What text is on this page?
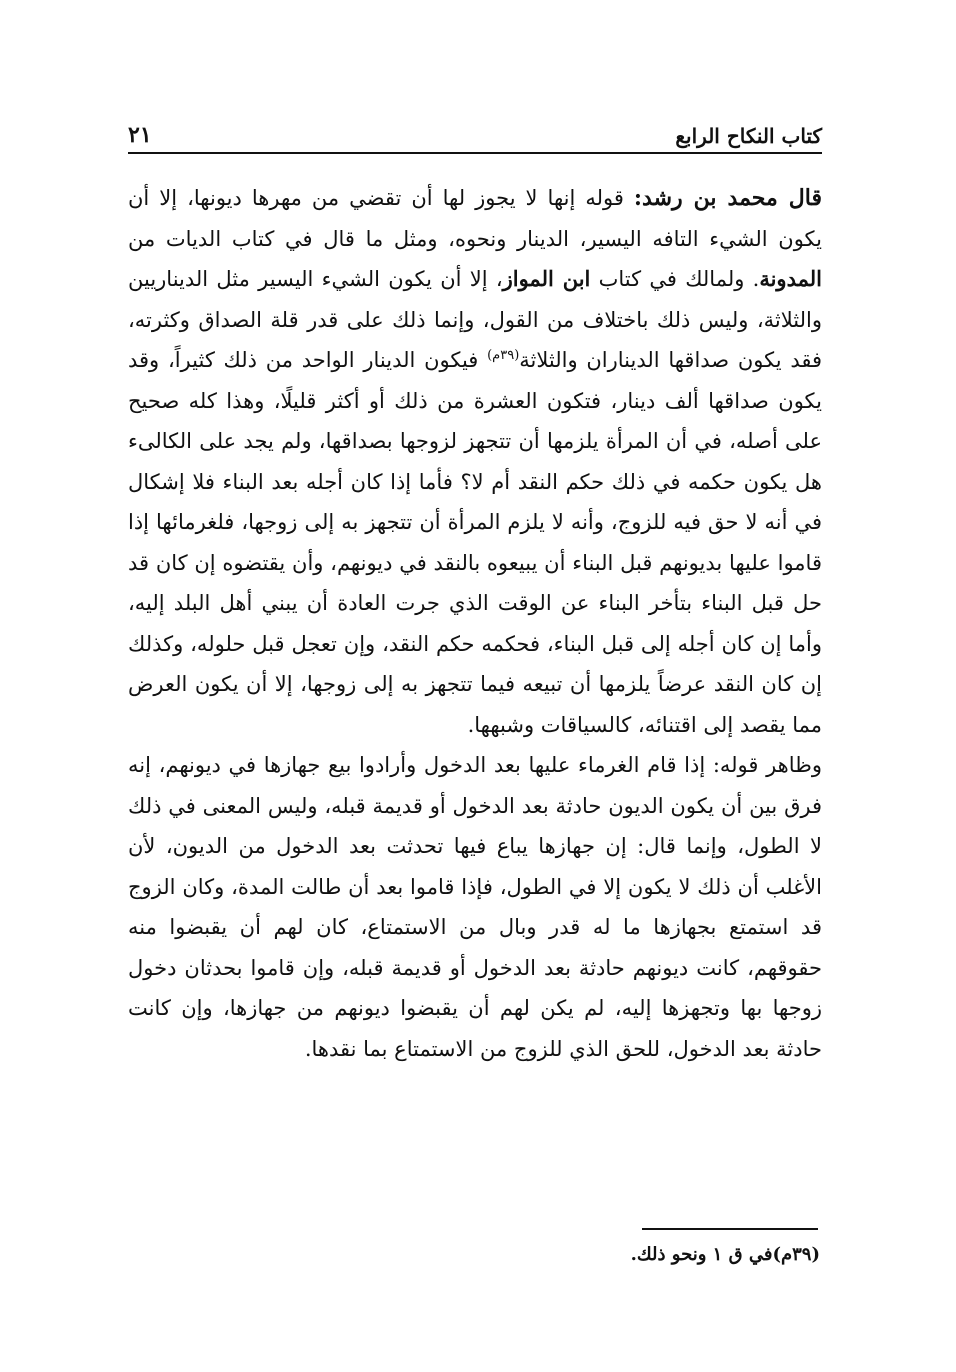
كتاب النكاح الرابع
٢١

قال محمد بن رشد: قوله إنها لا يجوز لها أن تقضي من مهرها ديونها، إلا أن يكون الشيء التافه اليسير، الدينار ونحوه، ومثل ما قال في كتاب الديات من المدونة. ولمالك في كتاب ابن المواز، إلا أن يكون الشيء اليسير مثل الديناريين والثلاثة، وليس ذلك باختلاف من القول، وإنما ذلك على قدر قلة الصداق وكثرته، فقد يكون صداقها الديناران والثلاثة$^{(٣٩م)}$ فيكون الدينار الواحد من ذلك كثيراً، وقد يكون صداقها ألف دينار، فتكون العشرة من ذلك أو أكثر قليلًا، وهذا كله صحيح على أصله، في أن المرأة يلزمها أن تتجهز لزوجها بصداقها، ولم يجد على الكالىء هل يكون حكمه في ذلك حكم النقد أم لا؟ فأما إذا كان أجله بعد البناء فلا إشكال في أنه لا حق فيه للزوج، وأنه لا يلزم المرأة أن تتجهز به إلى زوجها، فلغرمائها إذا قاموا عليها بديونهم قبل البناء أن يبيعوه بالنقد في ديونهم، وأن يقتضوه إن كان قد حل قبل البناء بتأخر البناء عن الوقت الذي جرت العادة أن يبني أهل البلد إليه، وأما إن كان أجله إلى قبل البناء، فحكمه حكم النقد، وإن تعجل قبل حلوله، وكذلك إن كان النقد عرضاً يلزمها أن تبيعه فيما تتجهز به إلى زوجها، إلا أن يكون العرض مما يقصد إلى اقتنائه، كالسياقات وشبهها.

وظاهر قوله: إذا قام الغرماء عليها بعد الدخول وأرادوا بيع جهازها في ديونهم، إنه فرق بين أن يكون الديون حادثة بعد الدخول أو قديمة قبله، وليس المعنى في ذلك لا الطول، وإنما قال: إن جهازها يباع فيها تحدثت بعد الدخول من الديون، لأن الأغلب أن ذلك لا يكون إلا في الطول، فإذا قاموا بعد أن طالت المدة، وكان الزوج قد استمتع بجهازها ما له قدر وبال من الاستمتاع، كان لهم أن يقبضوا منه حقوقهم، كانت ديونهم حادثة بعد الدخول أو قديمة قبله، وإن قاموا بحدثان دخول زوجها بها وتجهزها إليه، لم يكن لهم أن يقبضوا ديونهم من جهازها، وإن كانت حادثة بعد الدخول، للحق الذي للزوج من الاستمتاع بما نقدها.

(٣٩م)في ق ١ ونحو ذلك.
